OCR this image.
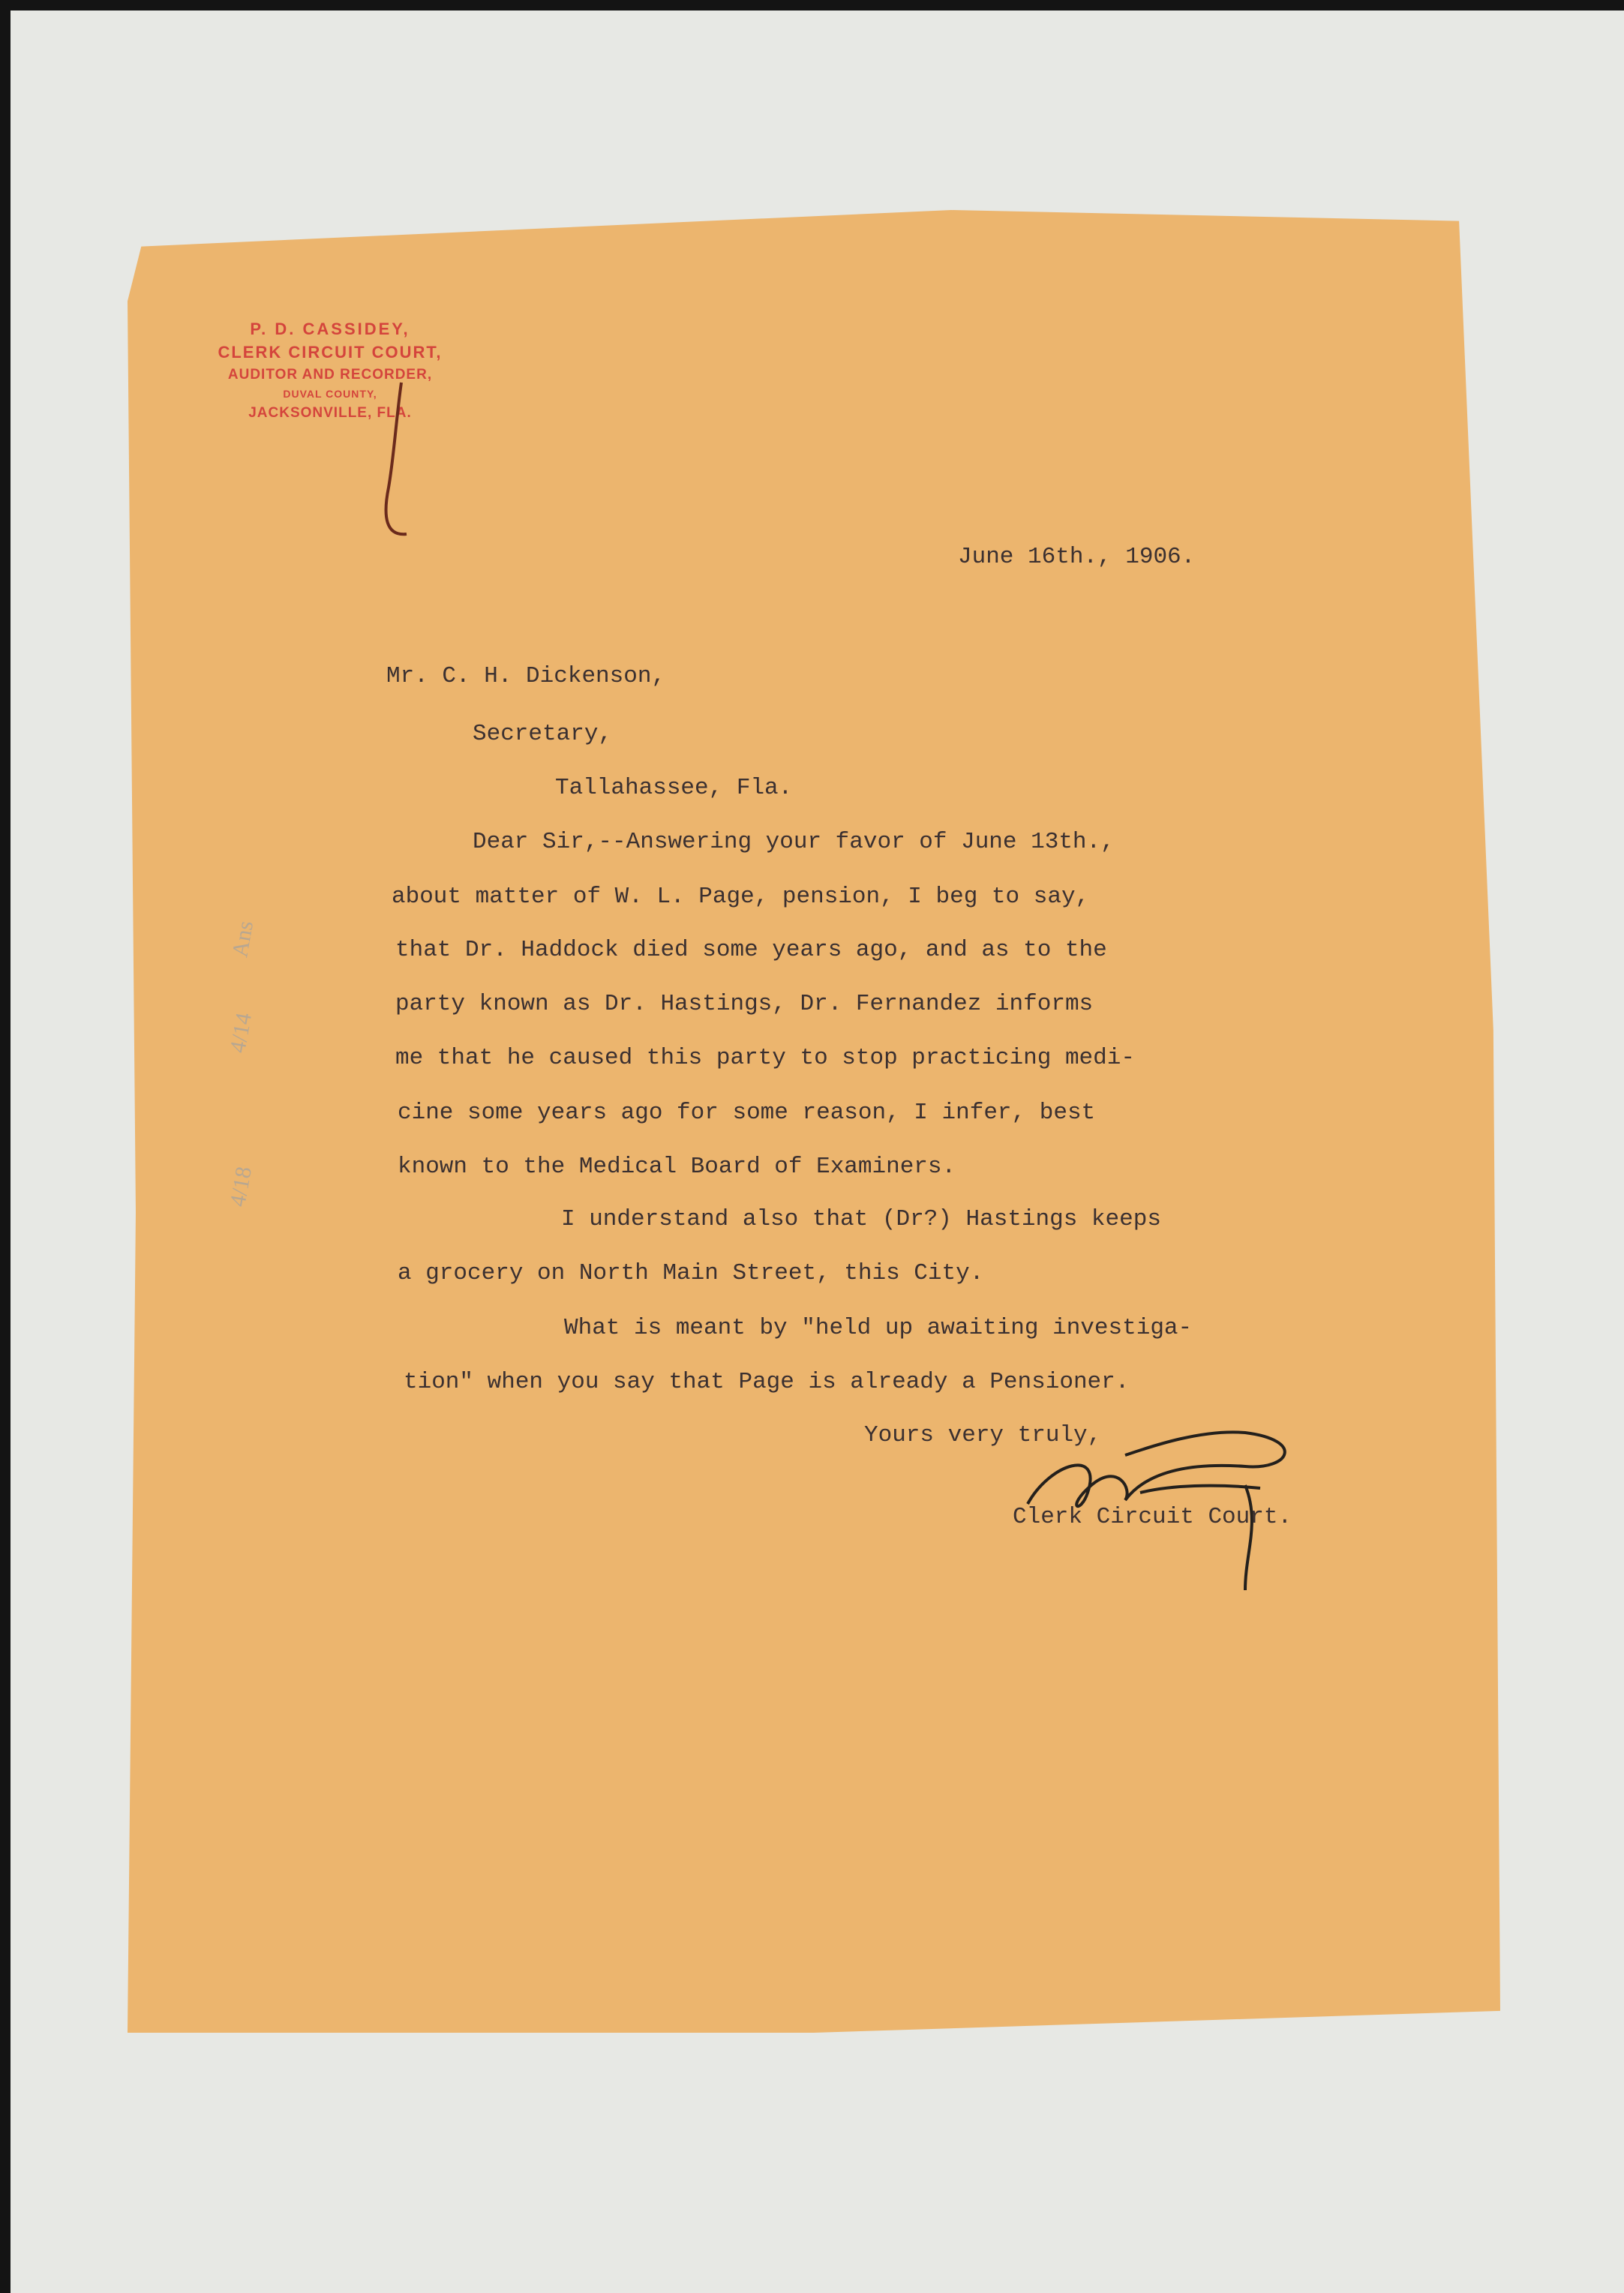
P. D. CASSIDEY,
CLERK CIRCUIT COURT,
AUDITOR AND RECORDER,
DUVAL COUNTY,
JACKSONVILLE, FLA.
June 16th., 1906.
Mr. C. H. Dickenson,
Secretary,
Tallahassee, Fla.
Dear Sir,--Answering your favor of June 13th.,
about matter of W. L. Page, pension, I beg to say,
that Dr. Haddock died some years ago, and as to the
party known as Dr. Hastings, Dr. Fernandez informs
me that he caused this party to stop practicing medi-
cine some years ago for some reason, I infer, best
known to the Medical Board of Examiners.
I understand also that (Dr?) Hastings keeps
a grocery on North Main Street, this City.
What is meant by "held up awaiting investiga-
tion" when you say that Page is already a Pensioner.
Yours very truly,
Clerk Circuit Court.
Ans
4/14
4/18
